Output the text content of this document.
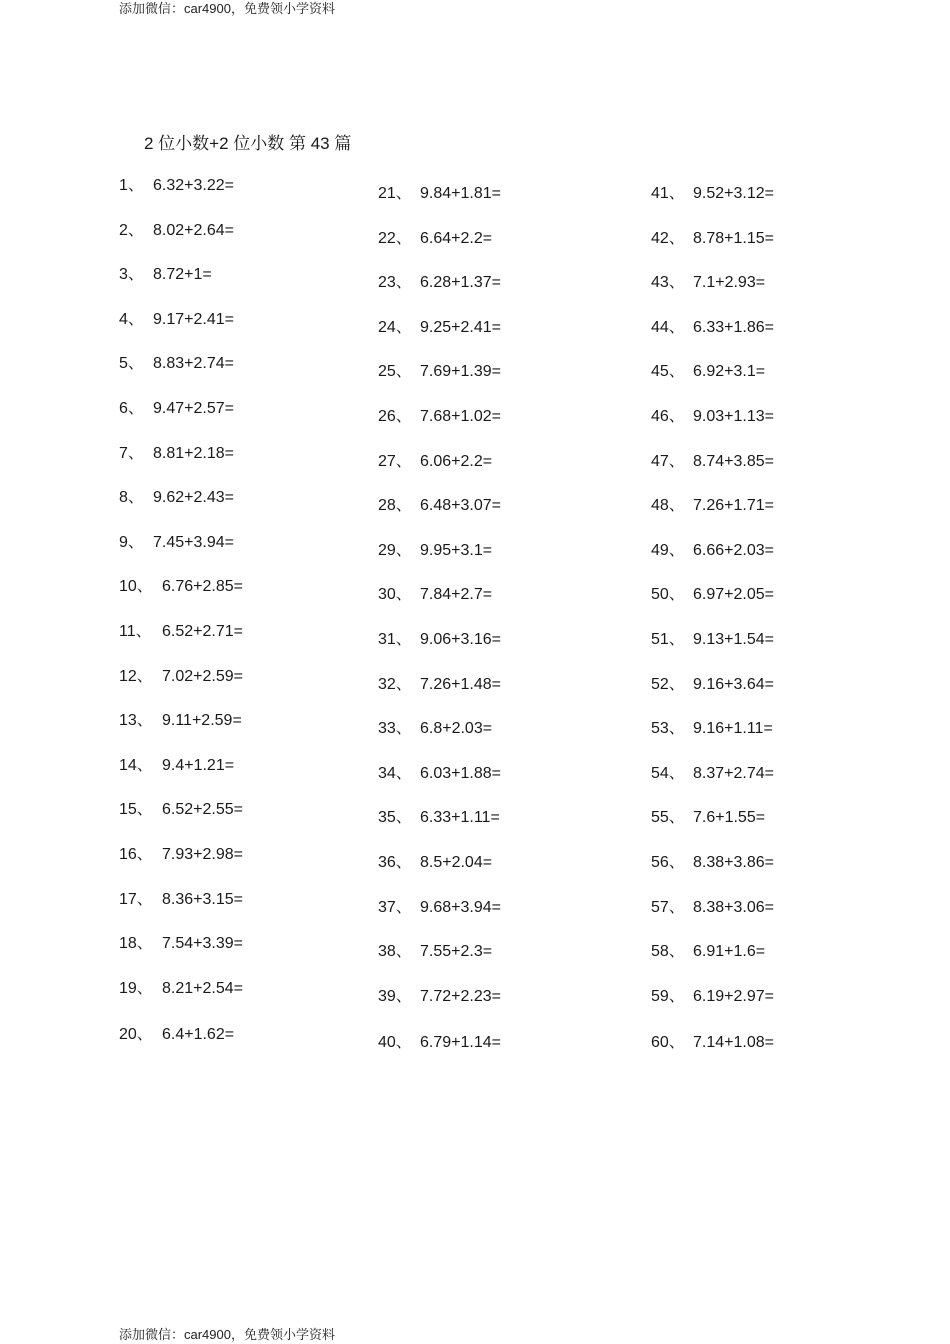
添加微信：car4900，免费领小学资料
2 位小数+2 位小数 第 43 篇
1、 6.32+3.22=
2、 8.02+2.64=
3、 8.72+1=
4、 9.17+2.41=
5、 8.83+2.74=
6、 9.47+2.57=
7、 8.81+2.18=
8、 9.62+2.43=
9、 7.45+3.94=
10、 6.76+2.85=
11、 6.52+2.71=
12、 7.02+2.59=
13、 9.11+2.59=
14、 9.4+1.21=
15、 6.52+2.55=
16、 7.93+2.98=
17、 8.36+3.15=
18、 7.54+3.39=
19、 8.21+2.54=
20、 6.4+1.62=
21、 9.84+1.81=
22、 6.64+2.2=
23、 6.28+1.37=
24、 9.25+2.41=
25、 7.69+1.39=
26、 7.68+1.02=
27、 6.06+2.2=
28、 6.48+3.07=
29、 9.95+3.1=
30、 7.84+2.7=
31、 9.06+3.16=
32、 7.26+1.48=
33、 6.8+2.03=
34、 6.03+1.88=
35、 6.33+1.11=
36、 8.5+2.04=
37、 9.68+3.94=
38、 7.55+2.3=
39、 7.72+2.23=
40、 6.79+1.14=
41、 9.52+3.12=
42、 8.78+1.15=
43、 7.1+2.93=
44、 6.33+1.86=
45、 6.92+3.1=
46、 9.03+1.13=
47、 8.74+3.85=
48、 7.26+1.71=
49、 6.66+2.03=
50、 6.97+2.05=
51、 9.13+1.54=
52、 9.16+3.64=
53、 9.16+1.11=
54、 8.37+2.74=
55、 7.6+1.55=
56、 8.38+3.86=
57、 8.38+3.06=
58、 6.91+1.6=
59、 6.19+2.97=
60、 7.14+1.08=
添加微信：car4900，免费领小学资料
